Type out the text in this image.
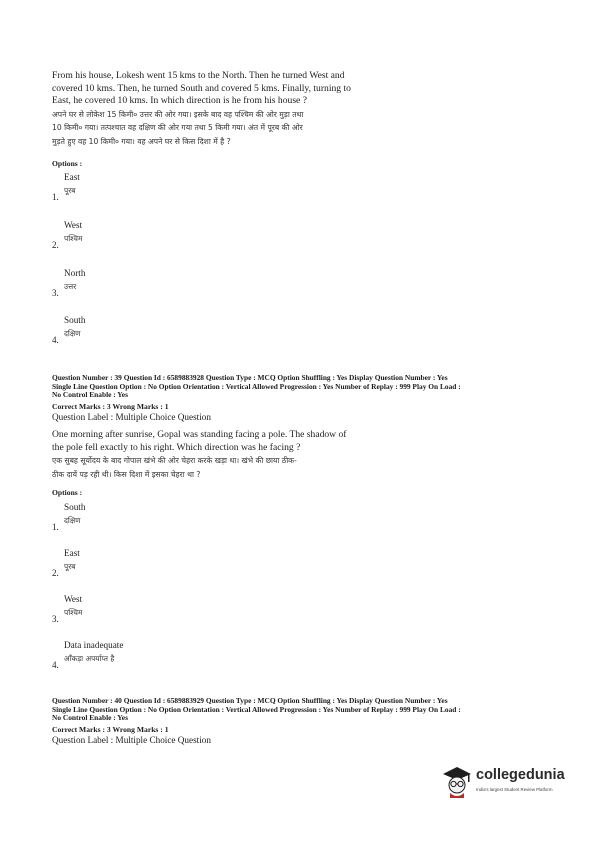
From his house, Lokesh went 15 kms to the North. Then he turned West and

covered 10 kms. Then, he turned South and covered 5 kms. Finally, turning to

East, he covered 10 kms. In which direction is he from his house ?

अपने घर से लोकेश 15 किमी० उत्तर की ओर गया। इसके बाद वह पश्चिम की ओर मुड़ा तथा

10 किमी० गया। तत्पश्चात वह दक्षिण की ओर गया तथा 5 किमी गया। अंत में पूरब की ओर

मुड़ते हुए वह 10 किमी० गया। वह अपने घर से किस दिशा में है ?

Options :

East
पूरब
1.
West
पश्चिम
2.
North
उत्तर
3.
South
दक्षिण
4.

Question Number : 39 Question Id : 6589883928 Question Type : MCQ Option Shuffling : Yes Display Question Number : Yes

Single Line Question Option : No Option Orientation : Vertical Allowed Progression : Yes Number of Replay : 999 Play On Load :

No Control Enable : Yes

Correct Marks : 3 Wrong Marks : 1

Question Label : Multiple Choice Question

One morning after sunrise, Gopal was standing facing a pole. The shadow of

the pole fell exactly to his right. Which direction was he facing ?

एक सुबह सूर्योदय के बाद गोपाल खंभे की ओर चेहरा करके खड़ा था। खंभे की छाया ठीक-

ठीक दायें पड़ रही थी। किस दिशा में इसका चेहरा था ?

Options :

South
दक्षिण
1.
East
पूरब
2.
West
पश्चिम
3.
Data inadequate
आँकड़ा अपर्याप्त है
4.

Question Number : 40 Question Id : 6589883929 Question Type : MCQ Option Shuffling : Yes Display Question Number : Yes

Single Line Question Option : No Option Orientation : Vertical Allowed Progression : Yes Number of Replay : 999 Play On Load :

No Control Enable : Yes

Correct Marks : 3 Wrong Marks : 1

Question Label : Multiple Choice Question

collegedunia
India's largest Student Review Platform
